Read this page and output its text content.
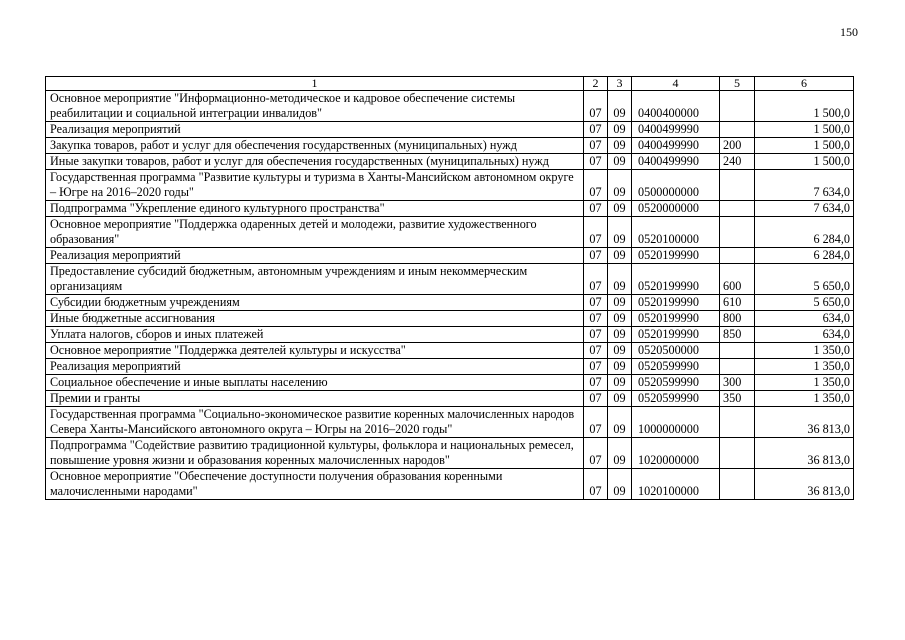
150
1	2	3	4	5	6
Основное мероприятие "Информационно-методическое и кадровое обеспечение системы реабилитации и социальной интеграции инвалидов"	07	09	0400400000		1 500,0
Реализация мероприятий	07	09	0400499990		1 500,0
Закупка товаров, работ и услуг для обеспечения государственных (муниципальных) нужд	07	09	0400499990	200	1 500,0
Иные закупки товаров, работ и услуг для обеспечения государственных (муниципальных) нужд	07	09	0400499990	240	1 500,0
Государственная программа "Развитие культуры и туризма в Ханты-Мансийском автономном округе – Югре на 2016–2020 годы"	07	09	0500000000		7 634,0
Подпрограмма "Укрепление единого культурного пространства"	07	09	0520000000		7 634,0
Основное мероприятие "Поддержка одаренных детей и молодежи, развитие художественного образования"	07	09	0520100000		6 284,0
Реализация мероприятий	07	09	0520199990		6 284,0
Предоставление субсидий бюджетным, автономным учреждениям и иным некоммерческим организациям	07	09	0520199990	600	5 650,0
Субсидии бюджетным учреждениям	07	09	0520199990	610	5 650,0
Иные бюджетные ассигнования	07	09	0520199990	800	634,0
Уплата налогов, сборов и иных платежей	07	09	0520199990	850	634,0
Основное мероприятие "Поддержка деятелей культуры и искусства"	07	09	0520500000		1 350,0
Реализация мероприятий	07	09	0520599990		1 350,0
Социальное обеспечение и иные выплаты населению	07	09	0520599990	300	1 350,0
Премии и гранты	07	09	0520599990	350	1 350,0
Государственная программа "Социально-экономическое развитие коренных малочисленных народов Севера Ханты-Мансийского автономного округа – Югры на 2016–2020 годы"	07	09	1000000000		36 813,0
Подпрограмма "Содействие развитию традиционной культуры, фольклора и национальных ремесел, повышение уровня жизни и образования коренных малочисленных народов"	07	09	1020000000		36 813,0
Основное мероприятие "Обеспечение доступности получения образования коренными малочисленными народами"	07	09	1020100000		36 813,0
